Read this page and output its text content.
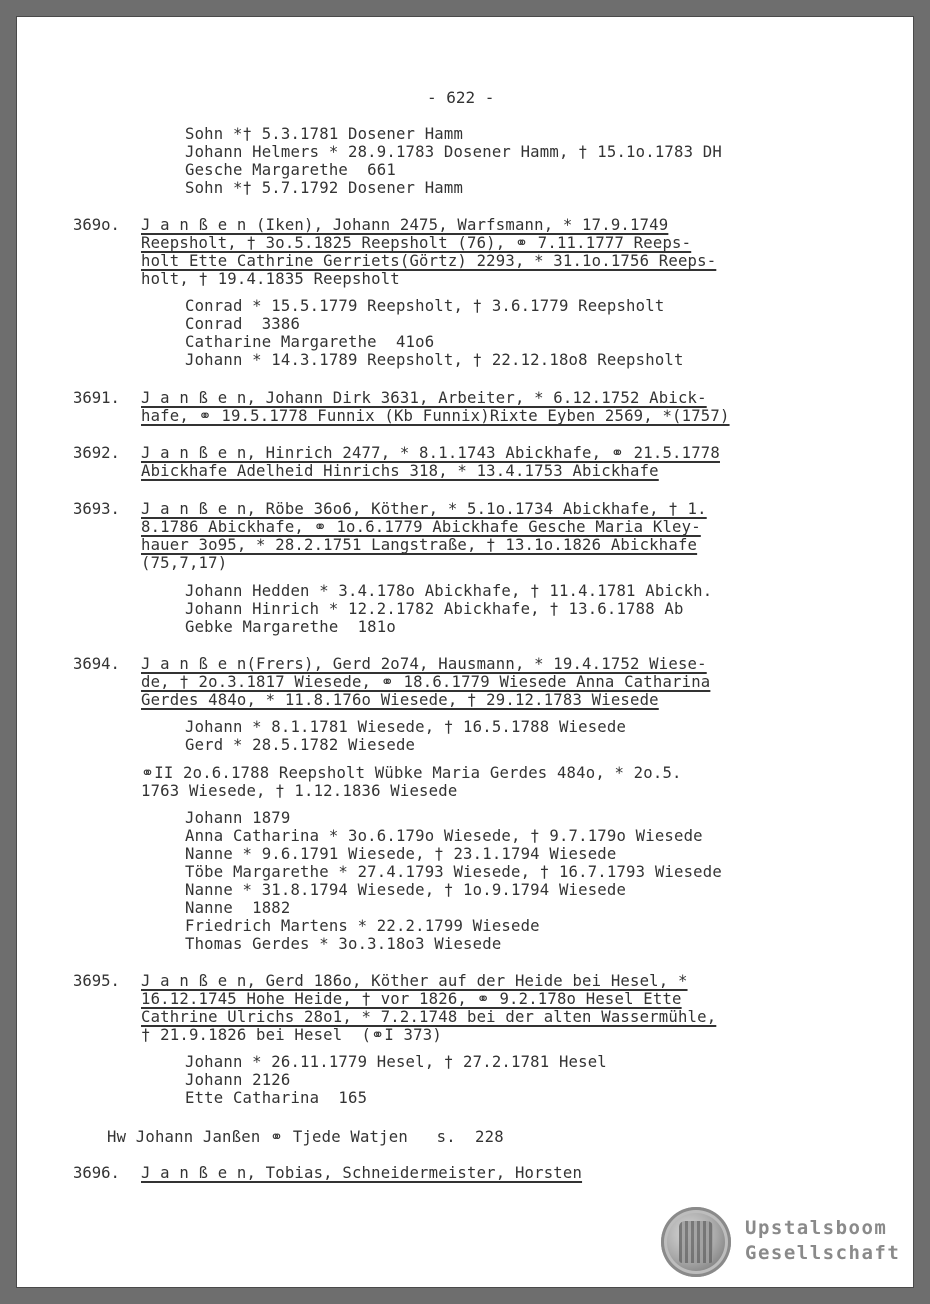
- 622 -
Sohn *† 5.3.1781 Dosener Hamm
Johann Helmers * 28.9.1783 Dosener Hamm, † 15.1o.1783 DH
Gesche Margarethe  661
Sohn *† 5.7.1792 Dosener Hamm
369o. J a n ß e n (Iken), Johann 2475, Warfsmann, * 17.9.1749
Reepsholt, † 3o.5.1825 Reepsholt (76), ⚭ 7.11.1777 Reeps-
holt Ette Cathrine Gerriets(Görtz) 2293, * 31.1o.1756 Reeps-
holt, † 19.4.1835 Reepsholt
Conrad * 15.5.1779 Reepsholt, † 3.6.1779 Reepsholt
Conrad  3386
Catharine Margarethe  41o6
Johann * 14.3.1789 Reepsholt, † 22.12.18o8 Reepsholt
3691. J a n ß e n, Johann Dirk 3631, Arbeiter, * 6.12.1752 Abick-
hafe, ⚭ 19.5.1778 Funnix (Kb Funnix)Rixte Eyben 2569, *(1757)
3692. J a n ß e n, Hinrich 2477, * 8.1.1743 Abickhafe, ⚭ 21.5.1778
Abickhafe Adelheid Hinrichs 318, * 13.4.1753 Abickhafe
3693. J a n ß e n, Röbe 36o6, Köther, * 5.1o.1734 Abickhafe, † 1.
8.1786 Abickhafe, ⚭ 1o.6.1779 Abickhafe Gesche Maria Kley-
hauer 3o95, * 28.2.1751 Langstraße, † 13.1o.1826 Abickhafe
(75,7,17)
Johann Hedden * 3.4.178o Abickhafe, † 11.4.1781 Abickh.
Johann Hinrich * 12.2.1782 Abickhafe, † 13.6.1788 Ab
Gebke Margarethe  181o
3694. J a n ß e n(Frers), Gerd 2o74, Hausmann, * 19.4.1752 Wiese-
de, † 2o.3.1817 Wiesede, ⚭ 18.6.1779 Wiesede Anna Catharina
Gerdes 484o, * 11.8.176o Wiesede, † 29.12.1783 Wiesede
Johann * 8.1.1781 Wiesede, † 16.5.1788 Wiesede
Gerd * 28.5.1782 Wiesede
⚭II 2o.6.1788 Reepsholt Wübke Maria Gerdes 484o, * 2o.5.
1763 Wiesede, † 1.12.1836 Wiesede
Johann 1879
Anna Catharina * 3o.6.179o Wiesede, † 9.7.179o Wiesede
Nanne * 9.6.1791 Wiesede, † 23.1.1794 Wiesede
Töbe Margarethe * 27.4.1793 Wiesede, † 16.7.1793 Wiesede
Nanne * 31.8.1794 Wiesede, † 1o.9.1794 Wiesede
Nanne  1882
Friedrich Martens * 22.2.1799 Wiesede
Thomas Gerdes * 3o.3.18o3 Wiesede
3695. J a n ß e n, Gerd 186o, Köther auf der Heide bei Hesel, *
16.12.1745 Hohe Heide, † vor 1826, ⚭ 9.2.178o Hesel Ette
Cathrine Ulrichs 28o1, * 7.2.1748 bei der alten Wassermühle,
† 21.9.1826 bei Hesel  (⚭I 373)
Johann * 26.11.1779 Hesel, † 27.2.1781 Hesel
Johann 2126
Ette Catharina  165
Hw Johann Janßen ⚭ Tjede Watjen   s.  228
3696. J a n ß e n, Tobias, Schneidermeister, Horsten
Upstalsboom
Gesellschaft
